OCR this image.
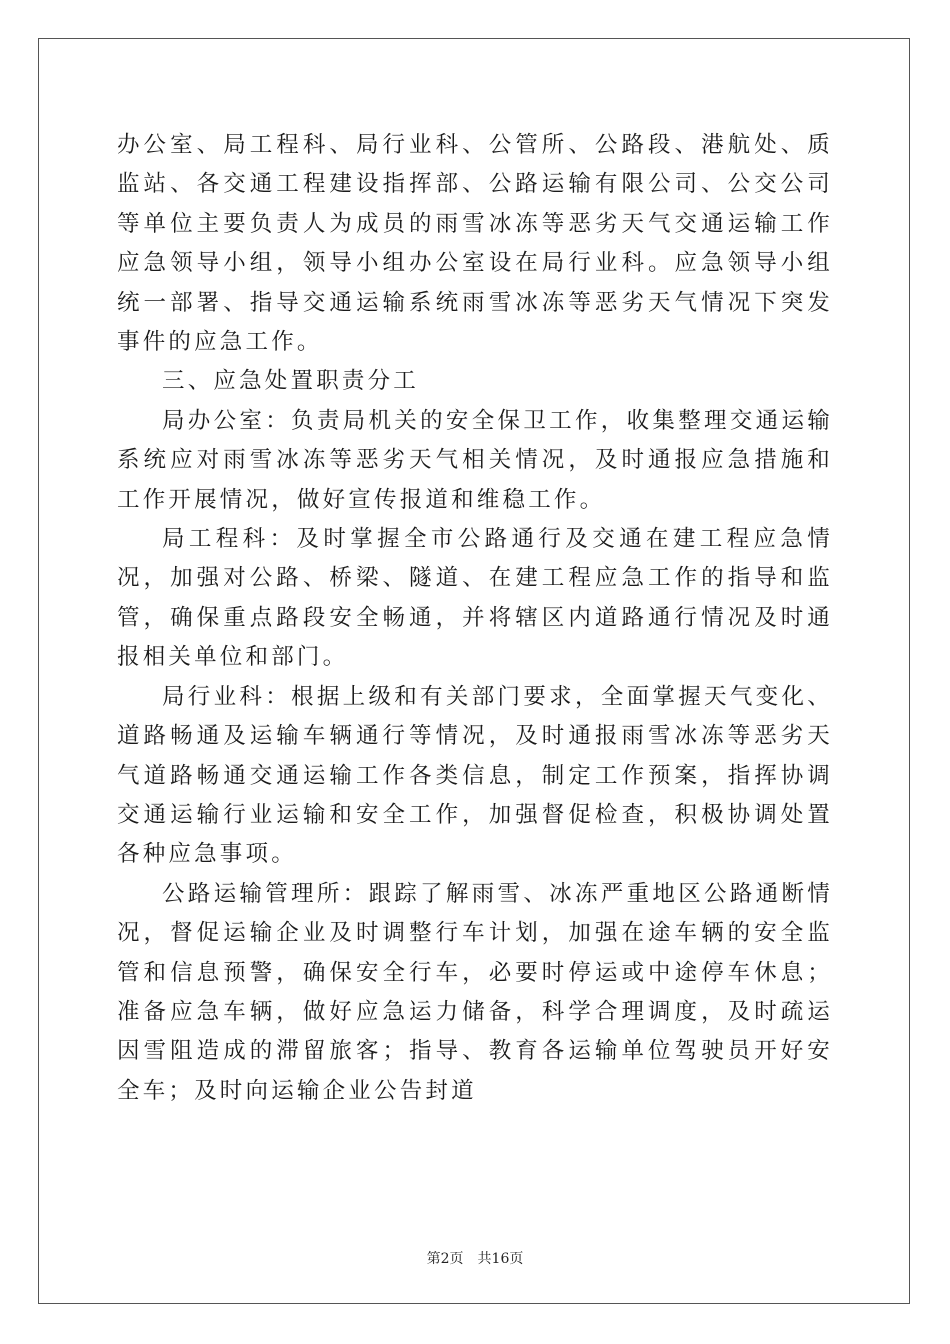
办公室、局工程科、局行业科、公管所、公路段、港航处、质监站、各交通工程建设指挥部、公路运输有限公司、公交公司等单位主要负责人为成员的雨雪冰冻等恶劣天气交通运输工作应急领导小组，领导小组办公室设在局行业科。应急领导小组统一部署、指导交通运输系统雨雪冰冻等恶劣天气情况下突发事件的应急工作。

三、应急处置职责分工

局办公室：负责局机关的安全保卫工作，收集整理交通运输系统应对雨雪冰冻等恶劣天气相关情况，及时通报应急措施和工作开展情况，做好宣传报道和维稳工作。

局工程科：及时掌握全市公路通行及交通在建工程应急情况，加强对公路、桥梁、隧道、在建工程应急工作的指导和监管，确保重点路段安全畅通，并将辖区内道路通行情况及时通报相关单位和部门。

局行业科：根据上级和有关部门要求，全面掌握天气变化、道路畅通及运输车辆通行等情况，及时通报雨雪冰冻等恶劣天气道路畅通交通运输工作各类信息，制定工作预案，指挥协调交通运输行业运输和安全工作，加强督促检查，积极协调处置各种应急事项。

公路运输管理所：跟踪了解雨雪、冰冻严重地区公路通断情况，督促运输企业及时调整行车计划，加强在途车辆的安全监管和信息预警，确保安全行车，必要时停运或中途停车休息；准备应急车辆，做好应急运力储备，科学合理调度，及时疏运因雪阻造成的滞留旅客；指导、教育各运输单位驾驶员开好安全车；及时向运输企业公告封道

第2页 共16页
